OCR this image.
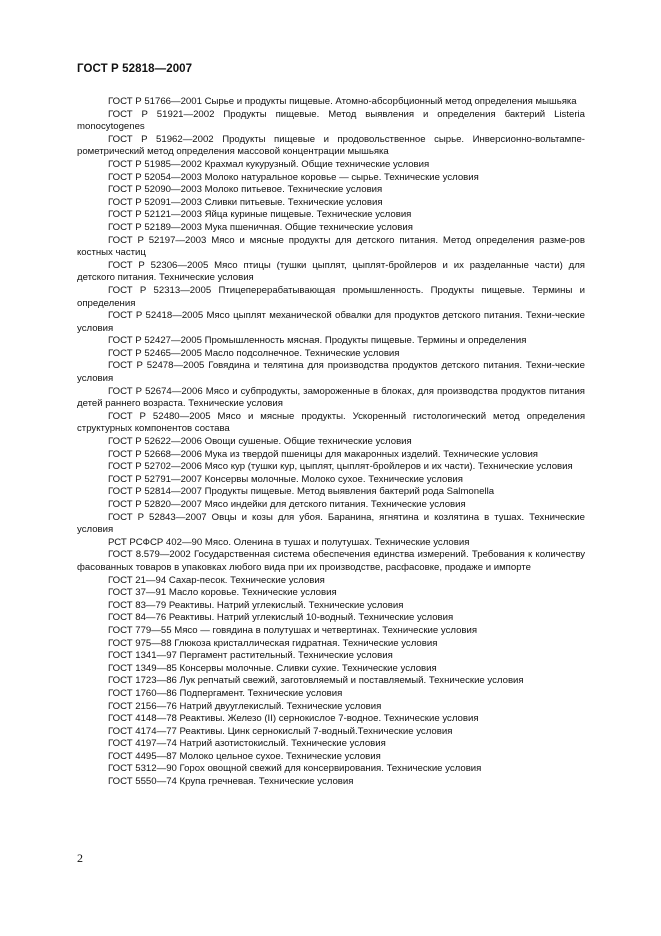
ГОСТ Р 52818—2007

ГОСТ Р 51766—2001 Сырье и продукты пищевые. Атомно-абсорбционный метод определения мышьяка

ГОСТ Р 51921—2002 Продукты пищевые. Метод выявления и определения бактерий Listeria monocytogenes

ГОСТ Р 51962—2002 Продукты пищевые и продовольственное сырье. Инверсионно-вольтампе-рометрический метод определения массовой концентрации мышьяка

ГОСТ Р 51985—2002 Крахмал кукурузный. Общие технические условия

ГОСТ Р 52054—2003 Молоко натуральное коровье — сырье. Технические условия

ГОСТ Р 52090—2003 Молоко питьевое. Технические условия

ГОСТ Р 52091—2003 Сливки питьевые. Технические условия

ГОСТ Р 52121—2003 Яйца куриные пищевые. Технические условия

ГОСТ Р 52189—2003 Мука пшеничная. Общие технические условия

ГОСТ Р 52197—2003 Мясо и мясные продукты для детского питания. Метод определения разме-ров костных частиц

ГОСТ Р 52306—2005 Мясо птицы (тушки цыплят, цыплят-бройлеров и их разделанные части) для детского питания. Технические условия

ГОСТ Р 52313—2005 Птицеперерабатывающая промышленность. Продукты пищевые. Термины и определения

ГОСТ Р 52418—2005 Мясо цыплят механической обвалки для продуктов детского питания. Техни-ческие условия

ГОСТ Р 52427—2005 Промышленность мясная. Продукты пищевые. Термины и определения

ГОСТ Р 52465—2005 Масло подсолнечное. Технические условия

ГОСТ Р 52478—2005 Говядина и телятина для производства продуктов детского питания. Техни-ческие условия

ГОСТ Р 52674—2006 Мясо и субпродукты, замороженные в блоках, для производства продуктов питания детей раннего возраста. Технические условия

ГОСТ Р 52480—2005 Мясо и мясные продукты. Ускоренный гистологический метод определения структурных компонентов состава

ГОСТ Р 52622—2006 Овощи сушеные. Общие технические условия

ГОСТ Р 52668—2006 Мука из твердой пшеницы для макаронных изделий. Технические условия

ГОСТ Р 52702—2006 Мясо кур (тушки кур, цыплят, цыплят-бройлеров и их части). Технические условия

ГОСТ Р 52791—2007 Консервы молочные. Молоко сухое. Технические условия

ГОСТ Р 52814—2007 Продукты пищевые. Метод выявления бактерий рода Salmonella

ГОСТ Р 52820—2007 Мясо индейки для детского питания. Технические условия

ГОСТ Р 52843—2007 Овцы и козы для убоя. Баранина, ягнятина и козлятина в тушах. Технические условия

РСТ РСФСР 402—90 Мясо. Оленина в тушах и полутушах. Технические условия

ГОСТ 8.579—2002 Государственная система обеспечения единства измерений. Требования к количеству фасованных товаров в упаковках любого вида при их производстве, расфасовке, продаже и импорте

ГОСТ 21—94 Сахар-песок. Технические условия

ГОСТ 37—91 Масло коровье. Технические условия

ГОСТ 83—79 Реактивы. Натрий углекислый. Технические условия

ГОСТ 84—76 Реактивы. Натрий углекислый 10-водный. Технические условия

ГОСТ 779—55 Мясо — говядина в полутушах и четвертинах. Технические условия

ГОСТ 975—88 Глюкоза кристаллическая гидратная. Технические условия

ГОСТ 1341—97 Пергамент растительный. Технические условия

ГОСТ 1349—85 Консервы молочные. Сливки сухие. Технические условия

ГОСТ 1723—86 Лук репчатый свежий, заготовляемый и поставляемый. Технические условия

ГОСТ 1760—86 Подпергамент. Технические условия

ГОСТ 2156—76 Натрий двууглекислый. Технические условия

ГОСТ 4148—78 Реактивы. Железо (II) сернокислое 7-водное. Технические условия

ГОСТ 4174—77 Реактивы. Цинк сернокислый 7-водный.Технические условия

ГОСТ 4197—74 Натрий азотистокислый. Технические условия

ГОСТ 4495—87 Молоко цельное сухое. Технические условия

ГОСТ 5312—90 Горох овощной свежий для консервирования. Технические условия

ГОСТ 5550—74 Крупа гречневая. Технические условия

2
